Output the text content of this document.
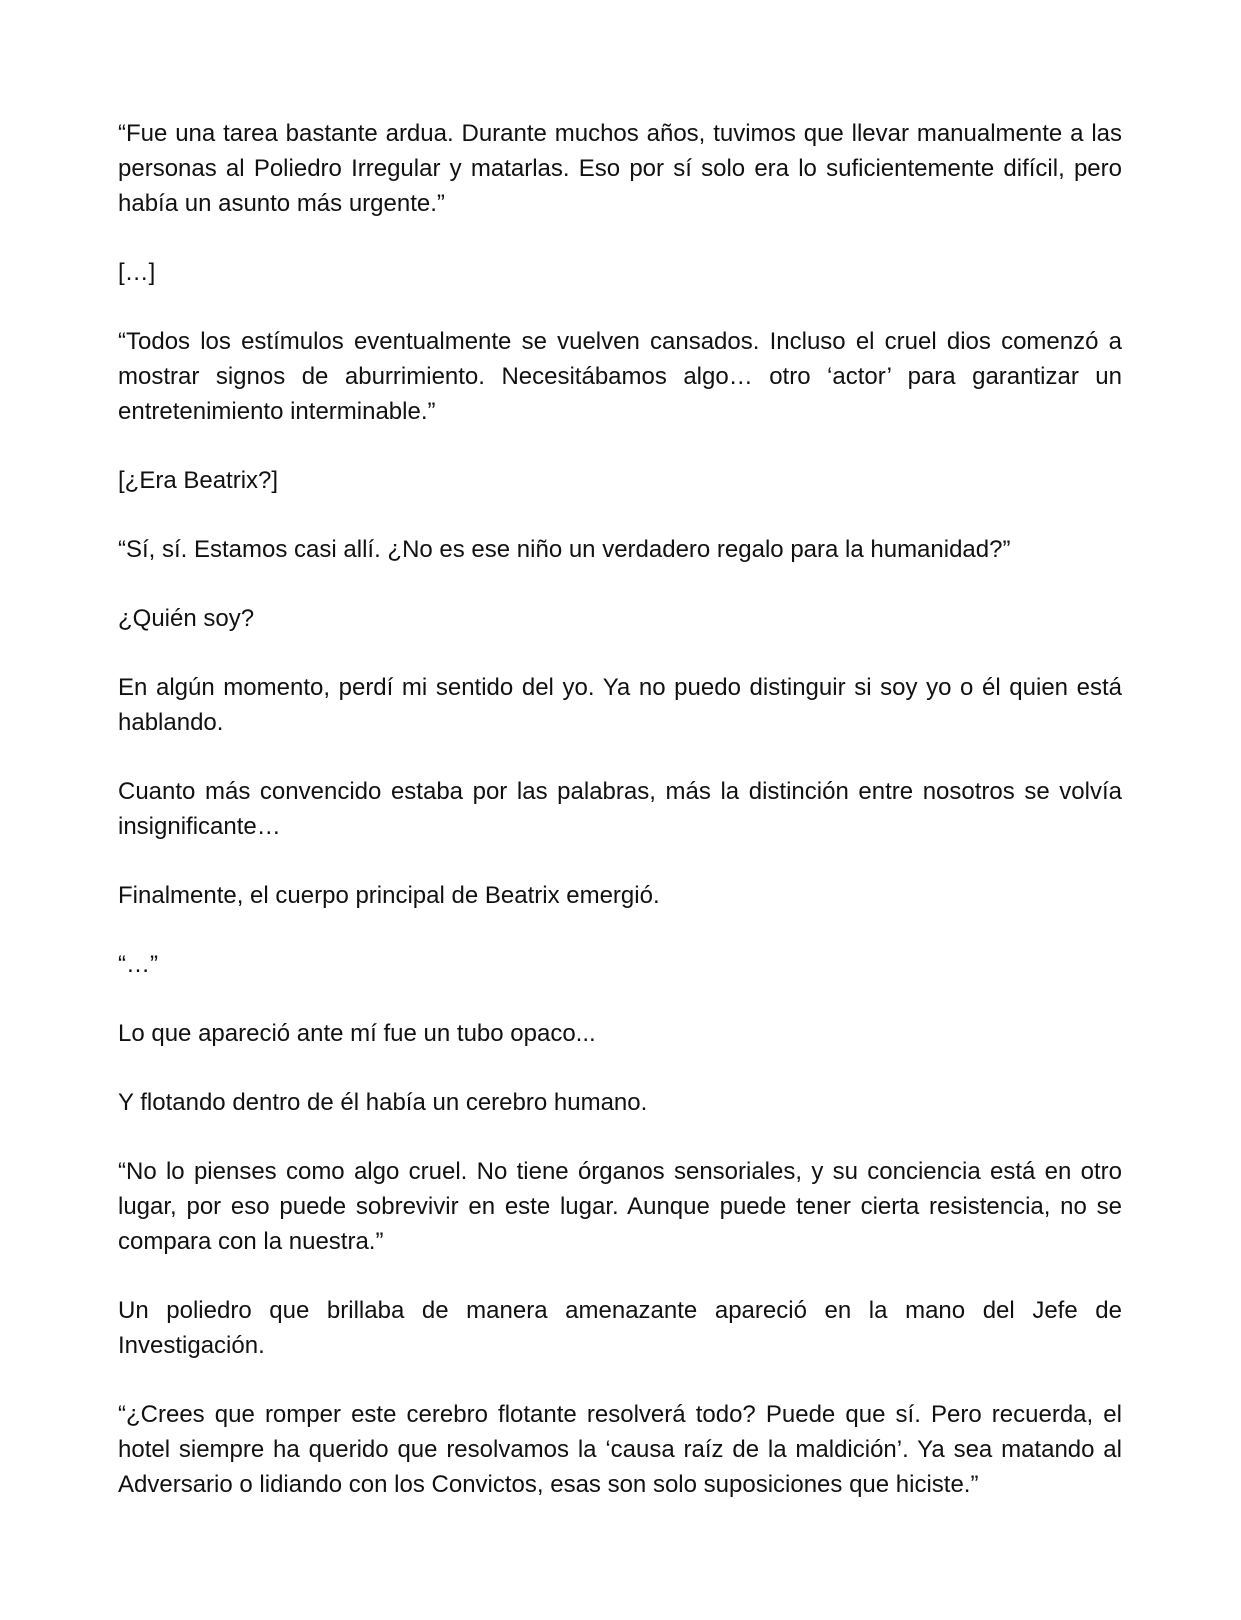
“Fue una tarea bastante ardua. Durante muchos años, tuvimos que llevar manualmente a las personas al Poliedro Irregular y matarlas. Eso por sí solo era lo suficientemente difícil, pero había un asunto más urgente.”

[…]

“Todos los estímulos eventualmente se vuelven cansados. Incluso el cruel dios comenzó a mostrar signos de aburrimiento. Necesitábamos algo… otro ‘actor’ para garantizar un entretenimiento interminable.”

[¿Era Beatrix?]

“Sí, sí. Estamos casi allí. ¿No es ese niño un verdadero regalo para la humanidad?”

¿Quién soy?

En algún momento, perdí mi sentido del yo. Ya no puedo distinguir si soy yo o él quien está hablando.

Cuanto más convencido estaba por las palabras, más la distinción entre nosotros se volvía insignificante…

Finalmente, el cuerpo principal de Beatrix emergió.

“…”

Lo que apareció ante mí fue un tubo opaco...

Y flotando dentro de él había un cerebro humano.

“No lo pienses como algo cruel. No tiene órganos sensoriales, y su conciencia está en otro lugar, por eso puede sobrevivir en este lugar. Aunque puede tener cierta resistencia, no se compara con la nuestra.”

Un poliedro que brillaba de manera amenazante apareció en la mano del Jefe de Investigación.

“¿Crees que romper este cerebro flotante resolverá todo? Puede que sí. Pero recuerda, el hotel siempre ha querido que resolvamos la ‘causa raíz de la maldición’. Ya sea matando al Adversario o lidiando con los Convictos, esas son solo suposiciones que hiciste.”
